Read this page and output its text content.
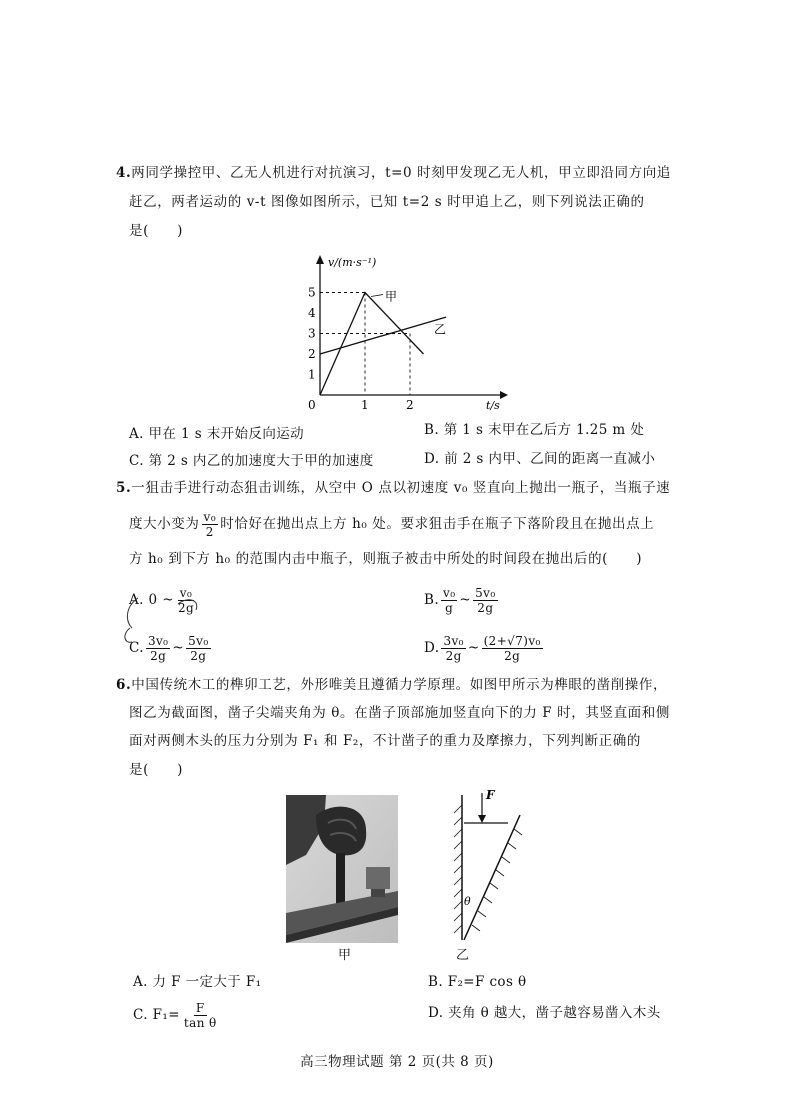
4.两同学操控甲、乙无人机进行对抗演习，t=0 时刻甲发现乙无人机，甲立即沿同方向追
赶乙，两者运动的 v-t 图像如图所示，已知 t=2 s 时甲追上乙，则下列说法正确的
是(　　)
v/(m·s⁻¹)
t/s
0
1
2
3
4
5
1	2
甲
乙
A. 甲在 1 s 末开始反向运动	B. 第 1 s 末甲在乙后方 1.25 m 处
C. 第 2 s 内乙的加速度大于甲的加速度	D. 前 2 s 内甲、乙间的距离一直减小
5.一狙击手进行动态狙击训练，从空中 O 点以初速度 v₀ 竖直向上抛出一瓶子，当瓶子速
度大小变为 $\frac{\text{v₀}}{2}$ 时恰好在抛出点上方 h₀ 处。要求狙击手在瓶子下落阶段且在抛出点上
方 h₀ 到下方 h₀ 的范围内击中瓶子，则瓶子被击中所处的时间段在抛出后的(　　)
A. 0 ~ $\frac{\text{v₀}}{2g}$	B. $\frac{\text{v₀}}{g}$ ~ $\frac{\text{5v₀}}{2g}$
C. $\frac{\text{3v₀}}{2g}$ ~ $\frac{\text{5v₀}}{2g}$	D. $\frac{\text{3v₀}}{2g}$ ~ $\frac{\text{(2+√7)v₀}}{2g}$
6.中国传统木工的榫卯工艺，外形唯美且遵循力学原理。如图甲所示为榫眼的凿削操作，
图乙为截面图，凿子尖端夹角为 θ。在凿子顶部施加竖直向下的力 F 时，其竖直面和侧
面对两侧木头的压力分别为 F₁ 和 F₂，不计凿子的重力及摩擦力，下列判断正确的
是(　　)
甲
F
θ
乙
A. 力 F 一定大于 F₁	B. F₂=F cos θ
C. $F_1= \frac{F}{\text{tan θ}}$	D. 夹角 θ 越大，凿子越容易凿入木头
高三物理试题 第 2 页(共 8 页)
